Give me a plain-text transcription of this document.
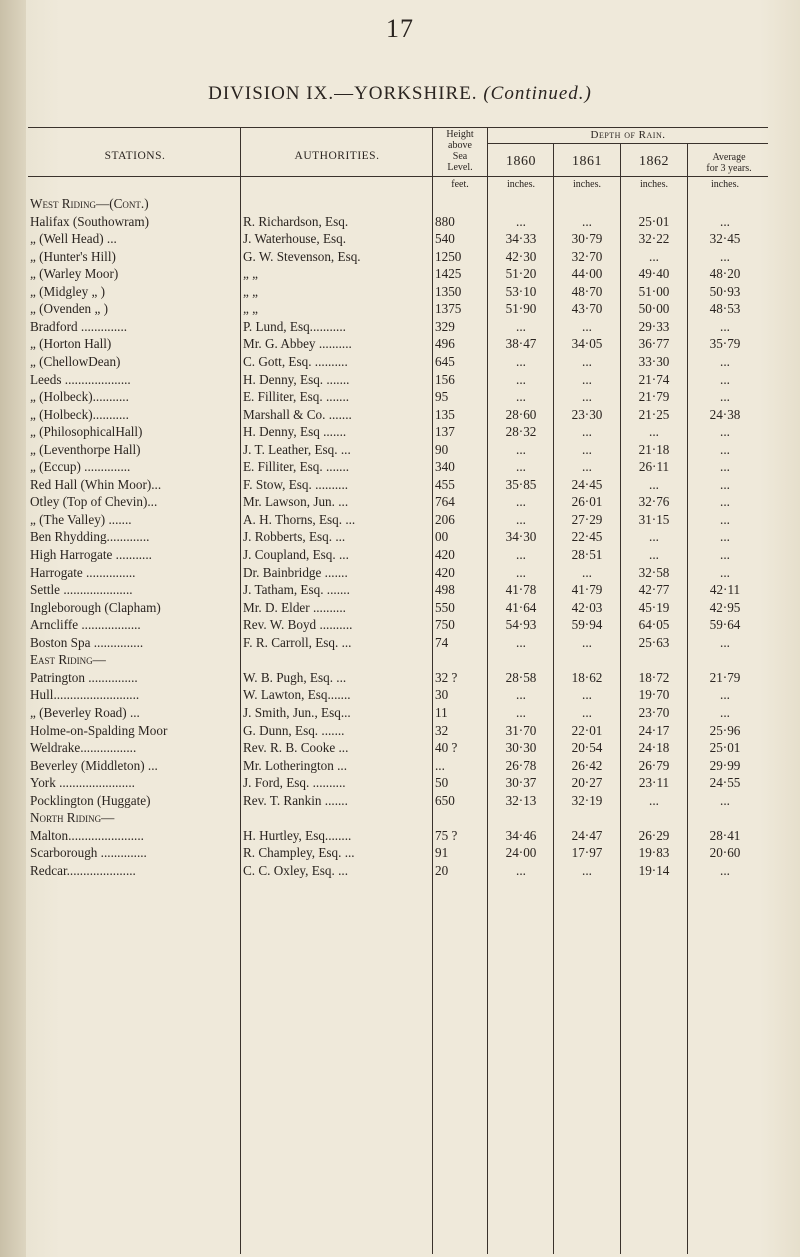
17
DIVISION IX.—YORKSHIRE. (Continued.)
STATIONS.	AUTHORITIES.
Height
above
Sea
Level.
Depth of Rain.
1860	1861	1862	Average
for 3 years.
feet.	inches.	inches.	inches.	inches.
West Riding—(Cont.)
Halifax (Southowram)	R. Richardson, Esq.	880	...	...	25·01	...
„ (Well Head) ...	J. Waterhouse, Esq.	540	34·33	30·79	32·22	32·45
„ (Hunter's Hill)	G. W. Stevenson, Esq.	1250	42·30	32·70	...	...
„ (Warley Moor)	„ „	1425	51·20	44·00	49·40	48·20
„ (Midgley „ )	„ „	1350	53·10	48·70	51·00	50·93
„ (Ovenden „ )	„ „	1375	51·90	43·70	50·00	48·53
Bradford ..............	P. Lund, Esq...........	329	...	...	29·33	...
„ (Horton Hall)	Mr. G. Abbey ..........	496	38·47	34·05	36·77	35·79
„ (ChellowDean)	C. Gott, Esq. ..........	645	...	...	33·30	...
Leeds ....................	H. Denny, Esq. .......	156	...	...	21·74	...
„ (Holbeck)...........	E. Filliter, Esq. .......	95	...	...	21·79	...
„ (Holbeck)...........	Marshall & Co. .......	135	28·60	23·30	21·25	24·38
„ (PhilosophicalHall)	H. Denny, Esq .......	137	28·32	...	...	...
„ (Leventhorpe Hall)	J. T. Leather, Esq. ...	90	...	...	21·18	...
„ (Eccup) ..............	E. Filliter, Esq. .......	340	...	...	26·11	...
Red Hall (Whin Moor)...	F. Stow, Esq. ..........	455	35·85	24·45	...	...
Otley (Top of Chevin)...	Mr. Lawson, Jun. ...	764	...	26·01	32·76	...
„ (The Valley) .......	A. H. Thorns, Esq. ...	206	...	27·29	31·15	...
Ben Rhydding.............	J. Robberts, Esq. ...	00	34·30	22·45	...	...
High Harrogate ...........	J. Coupland, Esq. ...	420	...	28·51	...	...
Harrogate ...............	Dr. Bainbridge .......	420	...	...	32·58	...
Settle .....................	J. Tatham, Esq. .......	498	41·78	41·79	42·77	42·11
Ingleborough (Clapham)	Mr. D. Elder ..........	550	41·64	42·03	45·19	42·95
Arncliffe ..................	Rev. W. Boyd ..........	750	54·93	59·94	64·05	59·64
Boston Spa ...............	F. R. Carroll, Esq. ...	74	...	...	25·63	...
East Riding—
Patrington ...............	W. B. Pugh, Esq. ...	32 ?	28·58	18·62	18·72	21·79
Hull..........................	W. Lawton, Esq.......	30	...	...	19·70	...
„ (Beverley Road) ...	J. Smith, Jun., Esq...	11	...	...	23·70	...
Holme-on-Spalding Moor	G. Dunn, Esq. .......	32	31·70	22·01	24·17	25·96
Weldrake.................	Rev. R. B. Cooke ...	40 ?	30·30	20·54	24·18	25·01
Beverley (Middleton) ...	Mr. Lotherington ...	...	26·78	26·42	26·79	29·99
York .......................	J. Ford, Esq. ..........	50	30·37	20·27	23·11	24·55
Pocklington (Huggate)	Rev. T. Rankin .......	650	32·13	32·19	...	...
North Riding—
Malton.......................	H. Hurtley, Esq........	75 ?	34·46	24·47	26·29	28·41
Scarborough ..............	R. Champley, Esq. ...	91	24·00	17·97	19·83	20·60
Redcar.....................	C. C. Oxley, Esq. ...	20	...	...	19·14	...
